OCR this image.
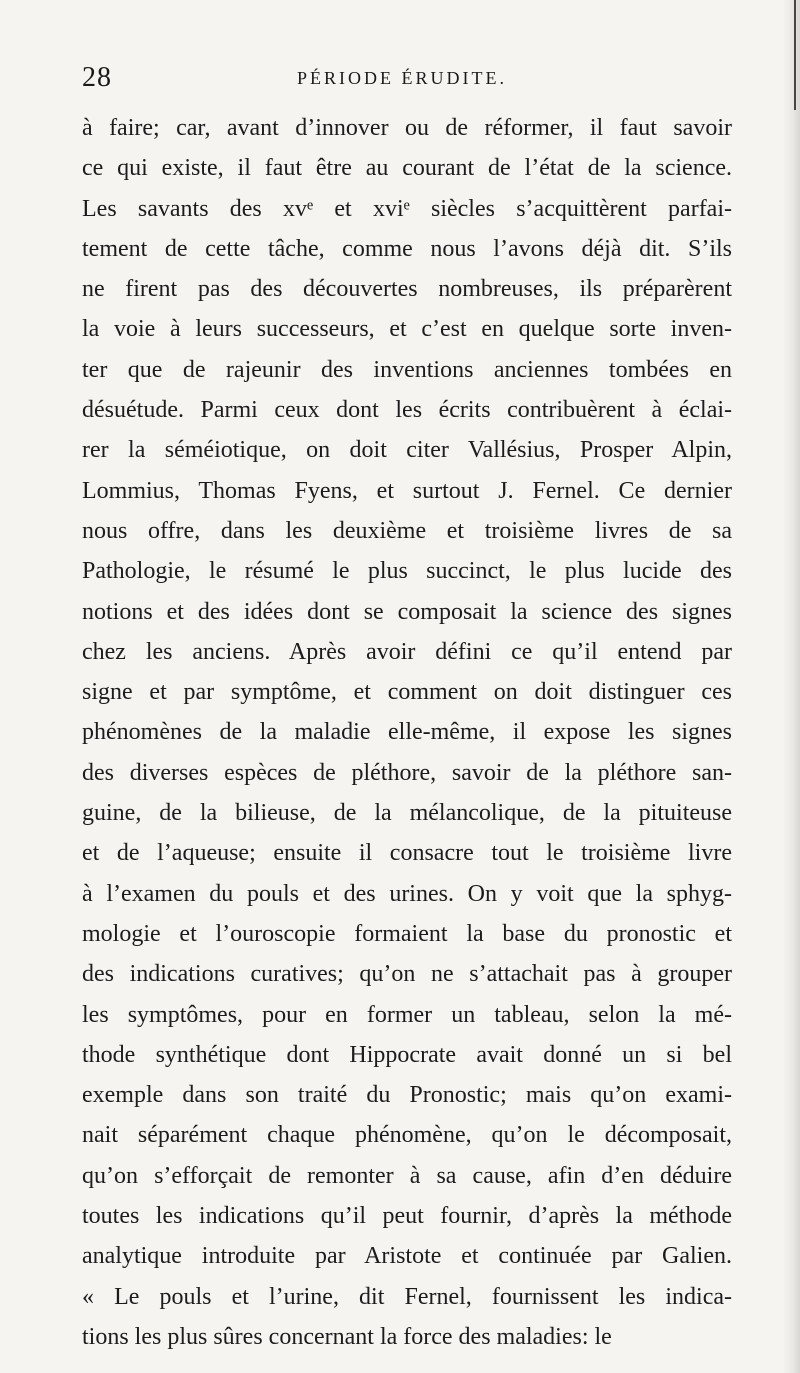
28	PÉRIODE ÉRUDITE.
à faire; car, avant d’innover ou de réformer, il faut savoir
ce qui existe, il faut être au courant de l’état de la science.
Les savants des xvᵉ et xviᵉ siècles s’acquittèrent parfai-
tement de cette tâche, comme nous l’avons déjà dit. S’ils
ne firent pas des découvertes nombreuses, ils préparèrent
la voie à leurs successeurs, et c’est en quelque sorte inven-
ter que de rajeunir des inventions anciennes tombées en
désuétude. Parmi ceux dont les écrits contribuèrent à éclai-
rer la séméiotique, on doit citer Vallésius, Prosper Alpin,
Lommius, Thomas Fyens, et surtout J. Fernel. Ce dernier
nous offre, dans les deuxième et troisième livres de sa
Pathologie, le résumé le plus succinct, le plus lucide des
notions et des idées dont se composait la science des signes
chez les anciens. Après avoir défini ce qu’il entend par
signe et par symptôme, et comment on doit distinguer ces
phénomènes de la maladie elle-même, il expose les signes
des diverses espèces de pléthore, savoir de la pléthore san-
guine, de la bilieuse, de la mélancolique, de la pituiteuse
et de l’aqueuse; ensuite il consacre tout le troisième livre
à l’examen du pouls et des urines. On y voit que la sphyg-
mologie et l’ouroscopie formaient la base du pronostic et
des indications curatives; qu’on ne s’attachait pas à grouper
les symptômes, pour en former un tableau, selon la mé-
thode synthétique dont Hippocrate avait donné un si bel
exemple dans son traité du Pronostic; mais qu’on exami-
nait séparément chaque phénomène, qu’on le décomposait,
qu’on s’efforçait de remonter à sa cause, afin d’en déduire
toutes les indications qu’il peut fournir, d’après la méthode
analytique introduite par Aristote et continuée par Galien.
« Le pouls et l’urine, dit Fernel, fournissent les indica-
tions les plus sûres concernant la force des maladies: le
